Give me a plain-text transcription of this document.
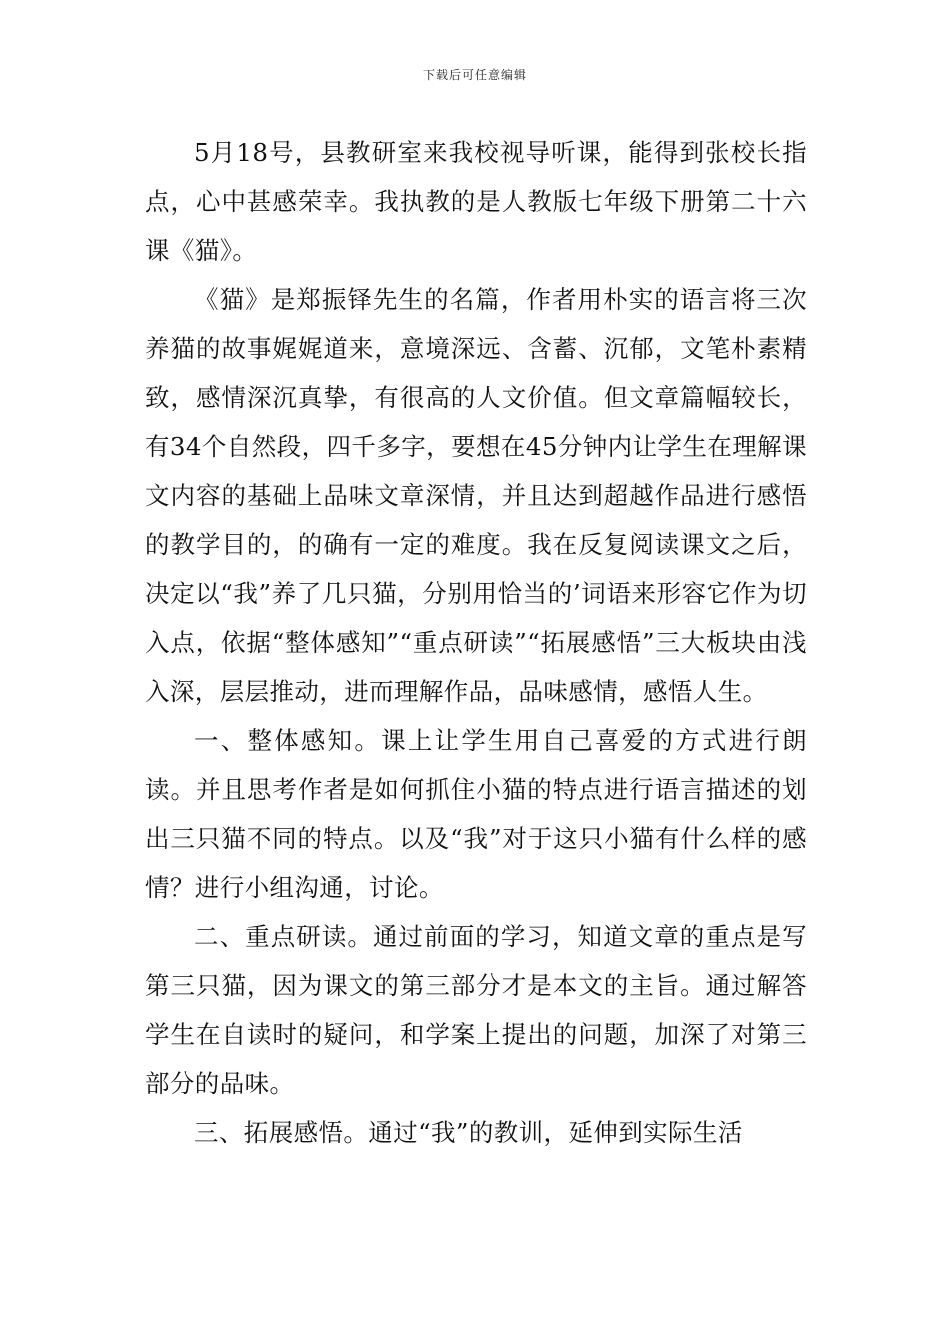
下载后可任意编辑

5月18号，县教研室来我校视导听课，能得到张校长指点，心中甚感荣幸。我执教的是人教版七年级下册第二十六课《猫》。

《猫》是郑振铎先生的名篇，作者用朴实的语言将三次养猫的故事娓娓道来，意境深远、含蓄、沉郁，文笔朴素精致，感情深沉真挚，有很高的人文价值。但文章篇幅较长，有34个自然段，四千多字，要想在45分钟内让学生在理解课文内容的基础上品味文章深情，并且达到超越作品进行感悟的教学目的，的确有一定的难度。我在反复阅读课文之后，决定以“我”养了几只猫，分别用恰当的’词语来形容它作为切入点，依据“整体感知”“重点研读”“拓展感悟”三大板块由浅入深，层层推动，进而理解作品，品味感情，感悟人生。

一、整体感知。课上让学生用自己喜爱的方式进行朗读。并且思考作者是如何抓住小猫的特点进行语言描述的划出三只猫不同的特点。以及“我”对于这只小猫有什么样的感情？进行小组沟通，讨论。

二、重点研读。通过前面的学习，知道文章的重点是写第三只猫，因为课文的第三部分才是本文的主旨。通过解答学生在自读时的疑问，和学案上提出的问题，加深了对第三部分的品味。

三、拓展感悟。通过“我”的教训，延伸到实际生活
